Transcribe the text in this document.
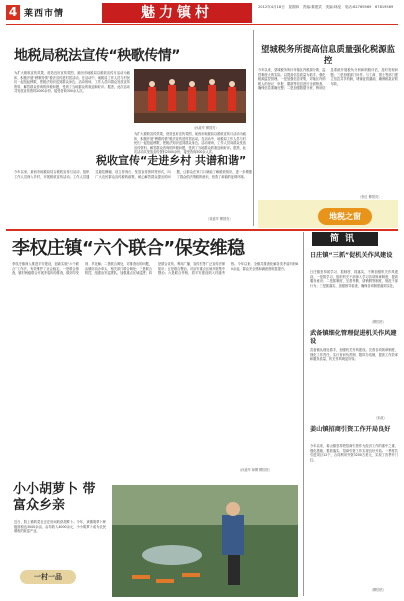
4 莱西市情	魅力镇村	2012年4月18日　星期四　责编:秦建武　美编:林泓　电话:82769569　67819569
地税局税法宣传“秧歌传情”
为扩大税收宣传效果，营造良好宣传氛围，莱西市地税局以税收宣传月活动为载体，积极开展“秧歌传情”税法宣传进村居活动。在活动中，地税局工作人员与村民们一起扭起秧歌，把税法知识送到群众身边。活动现场，工作人员向群众发放宣传资料，解答群众咨询的涉税问题，受到了当地群众的欢迎和好评。据悉，此次活动共发放宣传资料2000余份，接受咨询300余人次。
（孙道华 柳国亮）
为扩大税收宣传效果，营造良好宣传氛围，莱西市地税局以税收宣传月活动为载体，积极开展“秧歌传情”税法宣传进村居活动。在活动中，地税局工作人员与村民们一起扭起秧歌，把税法知识送到群众身边。活动现场，工作人员向群众发放宣传资料，解答群众咨询的涉税问题，受到了当地群众的欢迎和好评。据悉，此次活动共发放宣传资料2000余份，接受咨询300余人次。
税收宣传“走进乡村 共谱和谐”
今年以来，莱西市地税局结合税收宣传月活动，组织工作人员深入乡村，开展税收宣传活动。工作人员通过悬挂横幅、设立咨询台、发放宣传资料等形式，向广大农民群众宣传税收政策，耐心解答群众提出的问题，让群众在家门口就能了解税收知识，进一步增强了群众依法纳税的意识，营造了和谐的征纳环境。
（刘道华 柳国亮）
望城税务所提高信息质量强化税源监控
今年以来，望城税务所针对辖区内税源分散、监控难度大的实际，以提高信息质量为抓手，强化税源监控管理。一是加强信息采集，对辖区内纳税人的登记、申报、缴款等信息进行全面核查，确保信息准确完整；二是加强数据分析，利用信息系统开展税负分析和纳税评估，及时发现问题；三是加强部门协作，与工商、国土等部门建立信息共享机制，堵塞征管漏洞，确保税款应收尽收。
（李红 柳国亮）
地税之窗
李权庄镇“六个联合”保安维稳
李权庄镇深入推进平安建设，创新实施“六个联合”工作法，有效维护了社会稳定。一是联合排查，镇村两级联合开展矛盾纠纷排查，做到早发现、早化解；二是联合调处，对排查出的问题，由镇综治办牵头，相关部门联合调处；三是联合防控，组建治安巡逻队，加强重点区域巡逻；四是联合宣传，利用广播、宣传栏等广泛宣传法律知识；五是联合整治，对治安重点区域开展集中整治；六是联合考核，将平安建设纳入村级考核。今年以来，全镇共排查化解各类矛盾纠纷80余起，群众安全感和满意度明显提升。
（孙道华 林柳 柳国亮）
简讯
日庄镇“三抓”促机关作风建设
日庄镇坚持抓学习、抓制度、抓落实，不断加强机关作风建设。一是抓学习，组织机关干部深入学习各项规章制度，提高服务意识；二是抓制度，完善考勤、请销假等制度，规范干部行为；三是抓落实，加强督导检查，确保各项制度落到实处。
（柳国亮）
武备镇细化管理促进机关作风建设
武备镇从细处着手，加强机关作风建设。完善各项规章制度，细化工作责任，实行首问负责制、限时办结制，提高工作效率和服务质量，机关作风明显好转。
（宋政）
姜山镇招商引资工作开局良好
今年以来，姜山镇坚持把招商引资作为经济工作的重中之重，强化措施，狠抓落实，招商引资工作实现良好开局。一季度共引进项目12个，合同利用外资3200万美元，实现了首季开门红。
（柳国亮）
小小胡萝卜 带富众乡亲
近日，院上镇的菜农正在田间收获胡萝卜。今年，该镇胡萝卜种植面积达3000余亩，亩均收入4000余元，小小胡萝卜成为农民增收的致富产业。
一村一品
